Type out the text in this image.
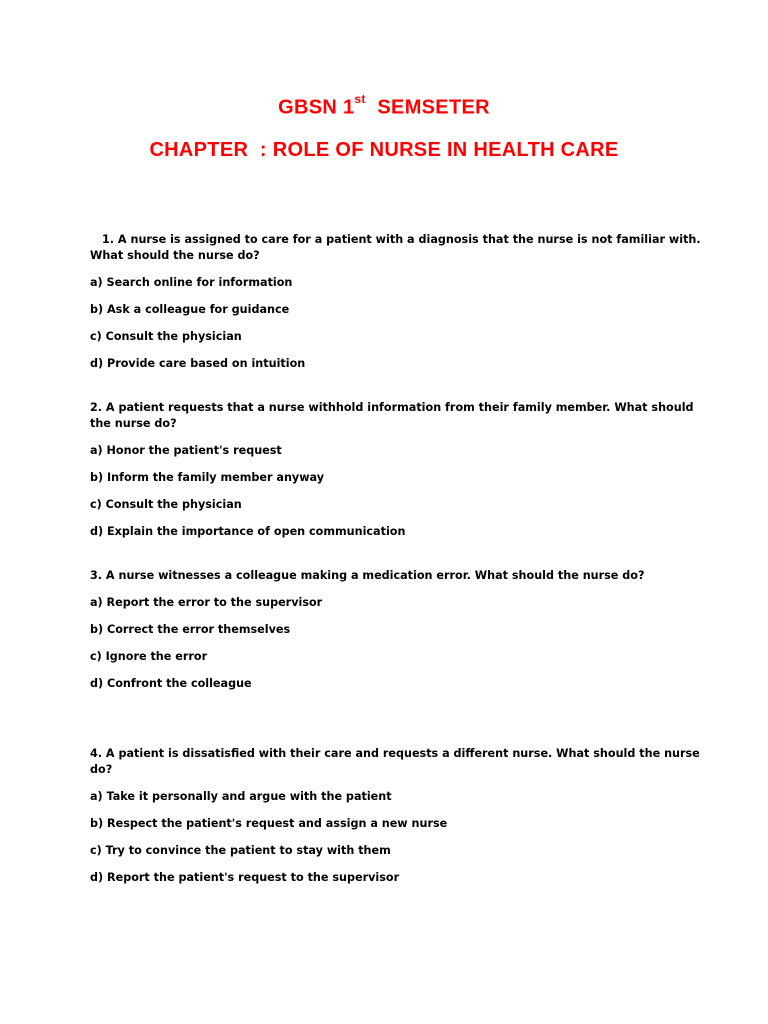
GBSN 1st SEMSETER
CHAPTER  : ROLE OF NURSE IN HEALTH CARE

1. A nurse is assigned to care for a patient with a diagnosis that the nurse is not familiar with. What should the nurse do?

a) Search online for information

b) Ask a colleague for guidance

c) Consult the physician

d) Provide care based on intuition

2. A patient requests that a nurse withhold information from their family member. What should the nurse do?

a) Honor the patient's request

b) Inform the family member anyway

c) Consult the physician

d) Explain the importance of open communication

3. A nurse witnesses a colleague making a medication error. What should the nurse do?

a) Report the error to the supervisor

b) Correct the error themselves

c) Ignore the error

d) Confront the colleague

4. A patient is dissatisfied with their care and requests a different nurse. What should the nurse do?

a) Take it personally and argue with the patient

b) Respect the patient's request and assign a new nurse

c) Try to convince the patient to stay with them

d) Report the patient's request to the supervisor
